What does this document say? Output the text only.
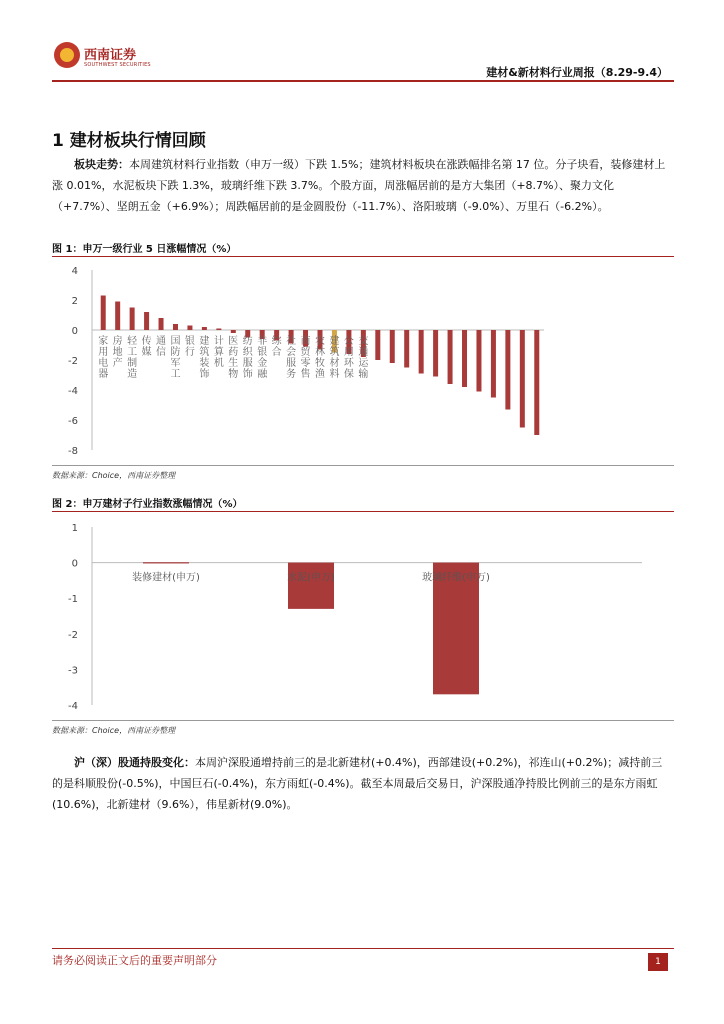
西南证券
SOUTHWEST SECURITIES
建材&新材料行业周报（8.29-9.4）
1 建材板块行情回顾
板块走势：本周建筑材料行业指数（申万一级）下跌 1.5%；建筑材料板块在涨跌幅排名第 17 位。分子块看，装修建材上涨 0.01%，水泥板块下跌 1.3%，玻璃纤维下跌 3.7%。个股方面，周涨幅居前的是方大集团（+8.7%）、聚力文化（+7.7%）、坚朗五金（+6.9%）；周跌幅居前的是金圆股份（-11.7%）、洛阳玻璃（-9.0%）、万里石（-6.2%）。
图 1：申万一级行业 5 日涨幅情况（%）
4
2
0
-2
-4
-6
-8
家用电器
房地产
轻工制造
传媒
通信
国防军工
银行
建筑装饰
计算机
医药生物
纺织服饰
非银金融
综合
社会服务
商贸零售
农林牧渔
建筑材料
公用环保
交通运输
数据来源：Choice，西南证券整理
图 2：申万建材子行业指数涨幅情况（%）
1
0
-1
-2
-3
-4
装修建材(申万)	水泥(申万)	玻璃纤维(申万)
数据来源：Choice，西南证券整理
沪（深）股通持股变化：本周沪深股通增持前三的是北新建材(+0.4%)，西部建设(+0.2%)，祁连山(+0.2%)；减持前三的是科顺股份(-0.5%)，中国巨石(-0.4%)，东方雨虹(-0.4%)。截至本周最后交易日，沪深股通净持股比例前三的是东方雨虹(10.6%)，北新建材（9.6%），伟星新材(9.0%)。
请务必阅读正文后的重要声明部分	1
